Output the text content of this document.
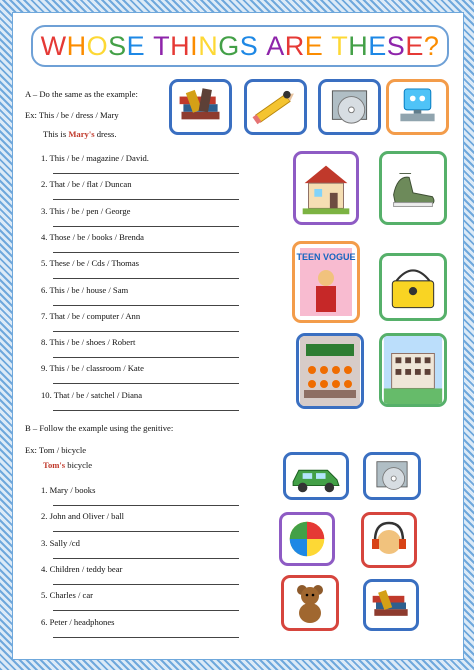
WHOSE THINGS ARE THESE?
A – Do the same as the example:
Ex: This / be / dress / Mary
This is Mary's dress.
1. This / be / magazine / David.
2. That / be / flat / Duncan
3. This / be / pen / George
4. Those / be / books / Brenda
5. These / be / Cds / Thomas
6. This / be / house / Sam
7. That / be / computer / Ann
8. This / be / shoes / Robert
9. This / be / classroom / Kate
10. That / be / satchel / Diana
B – Follow the example using the genitive:
Ex: Tom / bicycle
Tom's bicycle
1. Mary / books
2. John and Oliver / ball
3. Sally /cd
4. Children / teddy bear
5. Charles / car
6. Peter / headphones
TEEN VOGUE
